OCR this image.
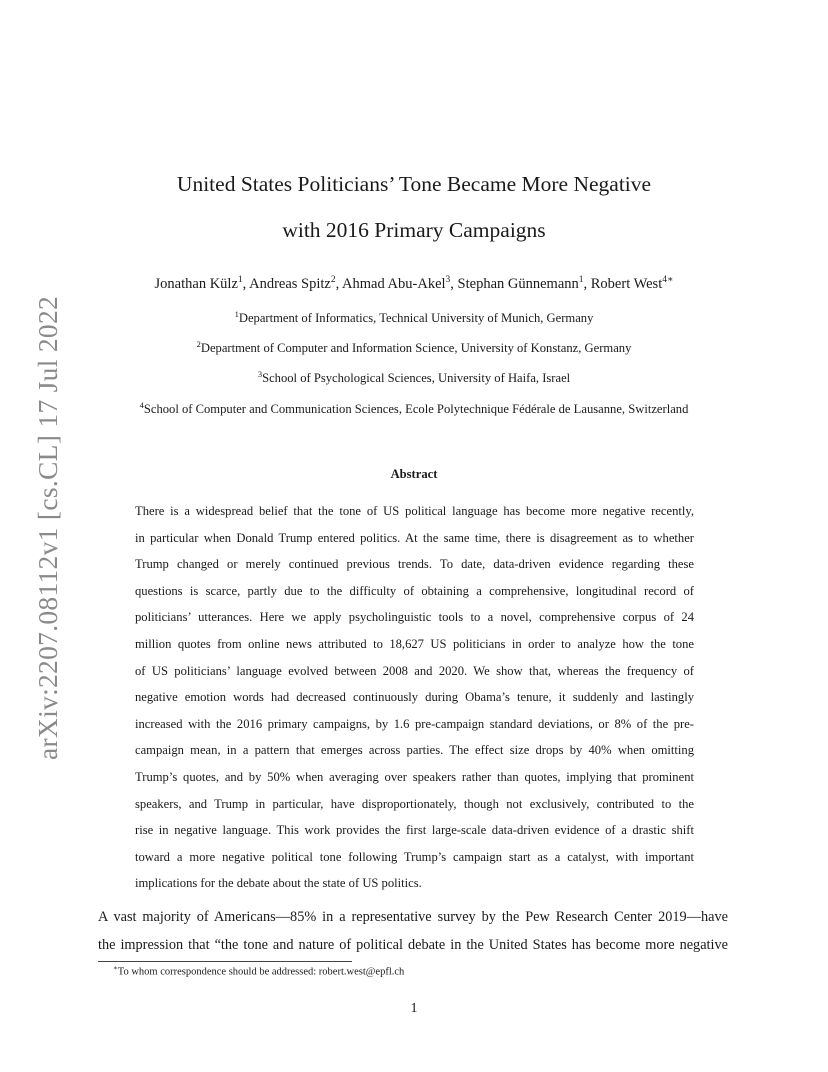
arXiv:2207.08112v1 [cs.CL] 17 Jul 2022
United States Politicians’ Tone Became More Negative
with 2016 Primary Campaigns
Jonathan Külz$^1$, Andreas Spitz$^2$, Ahmad Abu-Akel$^3$, Stephan Günnemann$^1$, Robert West$^{4∗}$
$^1$Department of Informatics, Technical University of Munich, Germany
$^2$Department of Computer and Information Science, University of Konstanz, Germany
$^3$School of Psychological Sciences, University of Haifa, Israel
$^4$School of Computer and Communication Sciences, Ecole Polytechnique Fédérale de Lausanne, Switzerland
Abstract
There is a widespread belief that the tone of US political language has become more negative recently,
in particular when Donald Trump entered politics. At the same time, there is disagreement as to whether
Trump changed or merely continued previous trends. To date, data-driven evidence regarding these
questions is scarce, partly due to the difficulty of obtaining a comprehensive, longitudinal record of
politicians’ utterances. Here we apply psycholinguistic tools to a novel, comprehensive corpus of 24
million quotes from online news attributed to 18,627 US politicians in order to analyze how the tone
of US politicians’ language evolved between 2008 and 2020. We show that, whereas the frequency of
negative emotion words had decreased continuously during Obama’s tenure, it suddenly and lastingly
increased with the 2016 primary campaigns, by 1.6 pre-campaign standard deviations, or 8% of the pre-
campaign mean, in a pattern that emerges across parties. The effect size drops by 40% when omitting
Trump’s quotes, and by 50% when averaging over speakers rather than quotes, implying that prominent
speakers, and Trump in particular, have disproportionately, though not exclusively, contributed to the
rise in negative language. This work provides the first large-scale data-driven evidence of a drastic shift
toward a more negative political tone following Trump’s campaign start as a catalyst, with important
implications for the debate about the state of US politics.
A vast majority of Americans—85% in a representative survey by the Pew Research Center 2019—have
the impression that “the tone and nature of political debate in the United States has become more negative
∗To whom correspondence should be addressed: robert.west@epfl.ch
1
